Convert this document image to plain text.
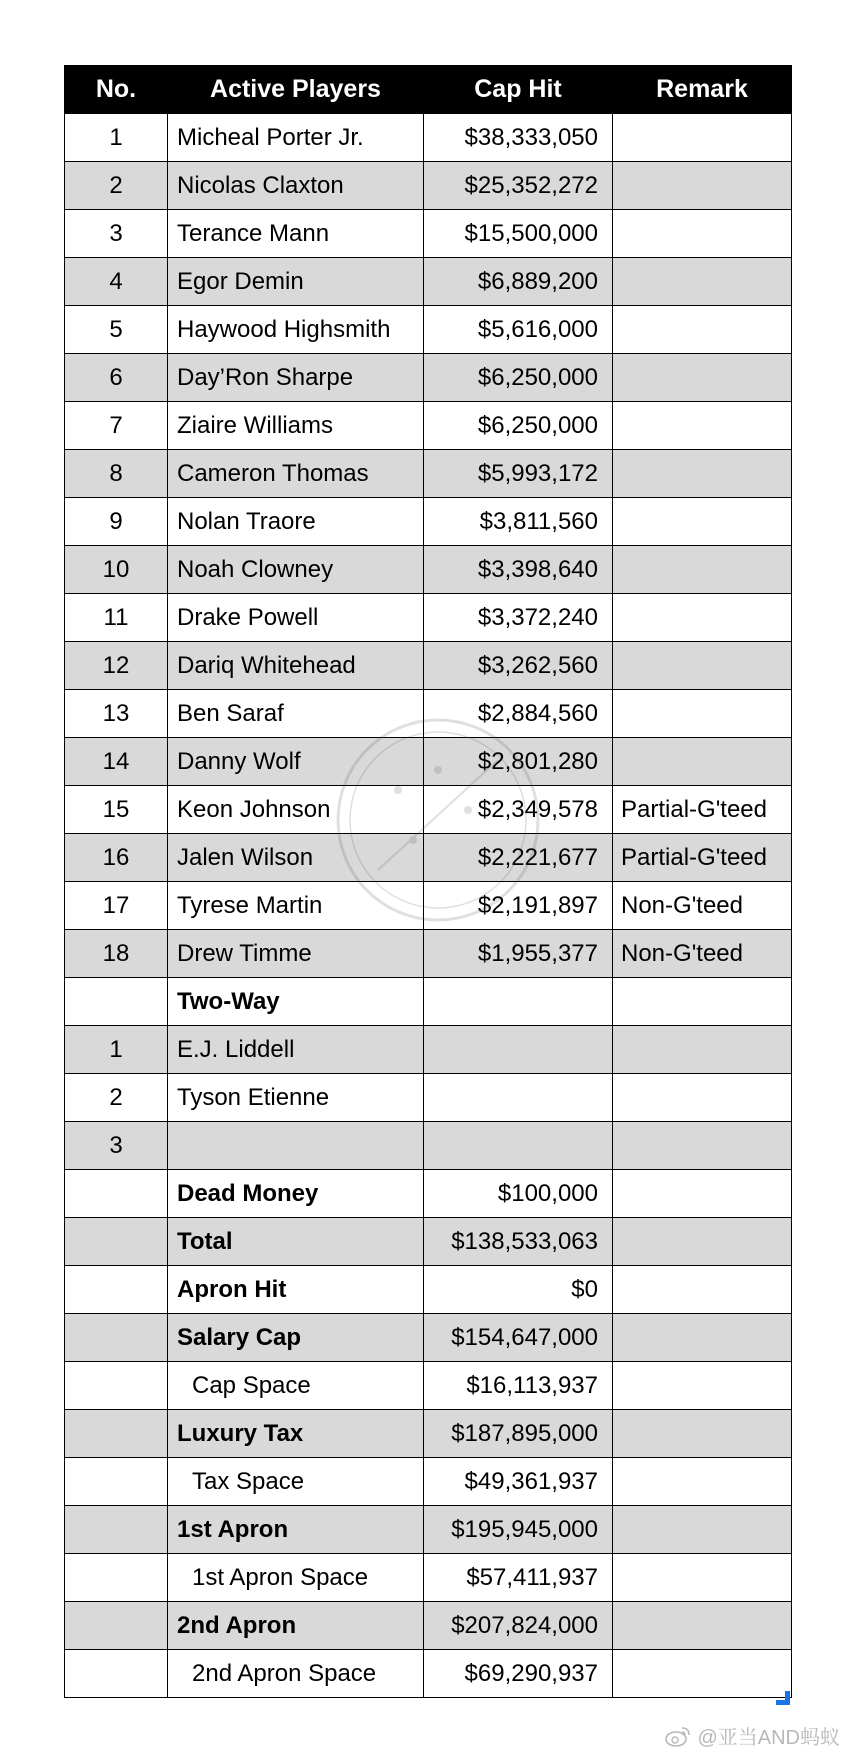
No.	Active Players	Cap Hit	Remark
1	Micheal Porter Jr.	$38,333,050	
2	Nicolas Claxton	$25,352,272	
3	Terance Mann	$15,500,000	
4	Egor Demin	$6,889,200	
5	Haywood Highsmith	$5,616,000	
6	Day’Ron Sharpe	$6,250,000	
7	Ziaire Williams	$6,250,000	
8	Cameron Thomas	$5,993,172	
9	Nolan Traore	$3,811,560	
10	Noah Clowney	$3,398,640	
11	Drake Powell	$3,372,240	
12	Dariq Whitehead	$3,262,560	
13	Ben Saraf	$2,884,560	
14	Danny Wolf	$2,801,280	
15	Keon Johnson	$2,349,578	Partial-G'teed
16	Jalen Wilson	$2,221,677	Partial-G'teed
17	Tyrese Martin	$2,191,897	Non-G'teed
18	Drew Timme	$1,955,377	Non-G'teed
	Two-Way		
1	E.J. Liddell		
2	Tyson Etienne		
3			
	Dead Money	$100,000	
	Total	$138,533,063	
	Apron Hit	$0	
	Salary Cap	$154,647,000	
	Cap Space	$16,113,937	
	Luxury Tax	$187,895,000	
	Tax Space	$49,361,937	
	1st Apron	$195,945,000	
	1st Apron Space	$57,411,937	
	2nd Apron	$207,824,000	
	2nd Apron Space	$69,290,937	
@亚当AND蚂蚁
